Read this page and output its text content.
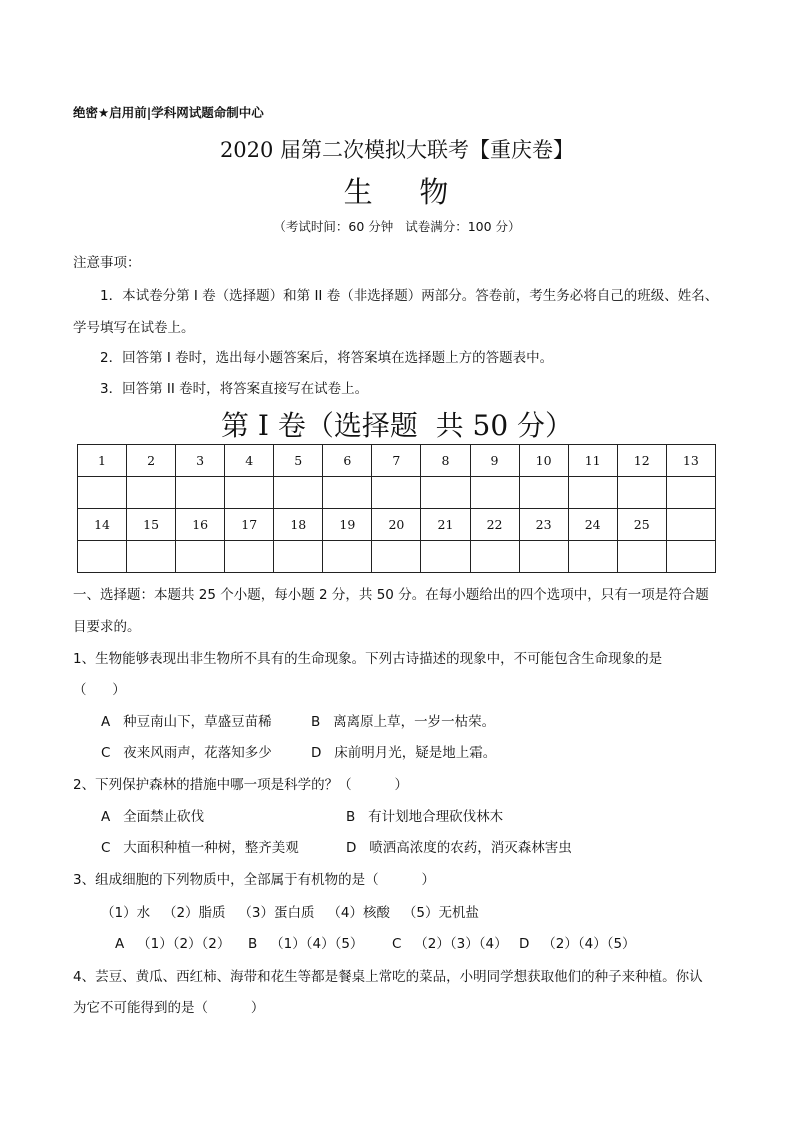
绝密★启用前|学科网试题命制中心
2020 届第二次模拟大联考【重庆卷】
生    物
（考试时间：60 分钟   试卷满分：100 分）
注意事项：
1．本试卷分第 I 卷（选择题）和第 II 卷（非选择题）两部分。答卷前，考生务必将自己的班级、姓名、
学号填写在试卷上。
2．回答第 I 卷时，选出每小题答案后，将答案填在选择题上方的答题表中。
3．回答第 II 卷时，将答案直接写在试卷上。
第 I 卷（选择题  共 50 分）
1	2	3	4	5	6	7	8	9	10	11	12	13

14	15	16	17	18	19	20	21	22	23	24	25	

一、选择题：本题共 25 个小题，每小题 2 分，共 50 分。在每小题给出的四个选项中，只有一项是符合题
目要求的。
1、生物能够表现出非生物所不具有的生命现象。下列古诗描述的现象中，不可能包含生命现象的是
（      ）
A   种豆南山下，草盛豆苗稀	B   离离原上草，一岁一枯荣。
C   夜来风雨声，花落知多少	D   床前明月光，疑是地上霜。
2、下列保护森林的措施中哪一项是科学的？（          ）
A   全面禁止砍伐	B   有计划地合理砍伐林木
C   大面积种植一种树，整齐美观	D   喷洒高浓度的农药，消灭森林害虫
3、组成细胞的下列物质中，全部属于有机物的是（          ）
（1）水   （2）脂质   （3）蛋白质   （4）核酸   （5）无机盐
A   （1）（2）（2） B   （1）（4）（5） C   （2）（3）（4） D   （2）（4）（5）
4、芸豆、黄瓜、西红柿、海带和花生等都是餐桌上常吃的菜品，小明同学想获取他们的种子来种植。你认
为它不可能得到的是（          ）
